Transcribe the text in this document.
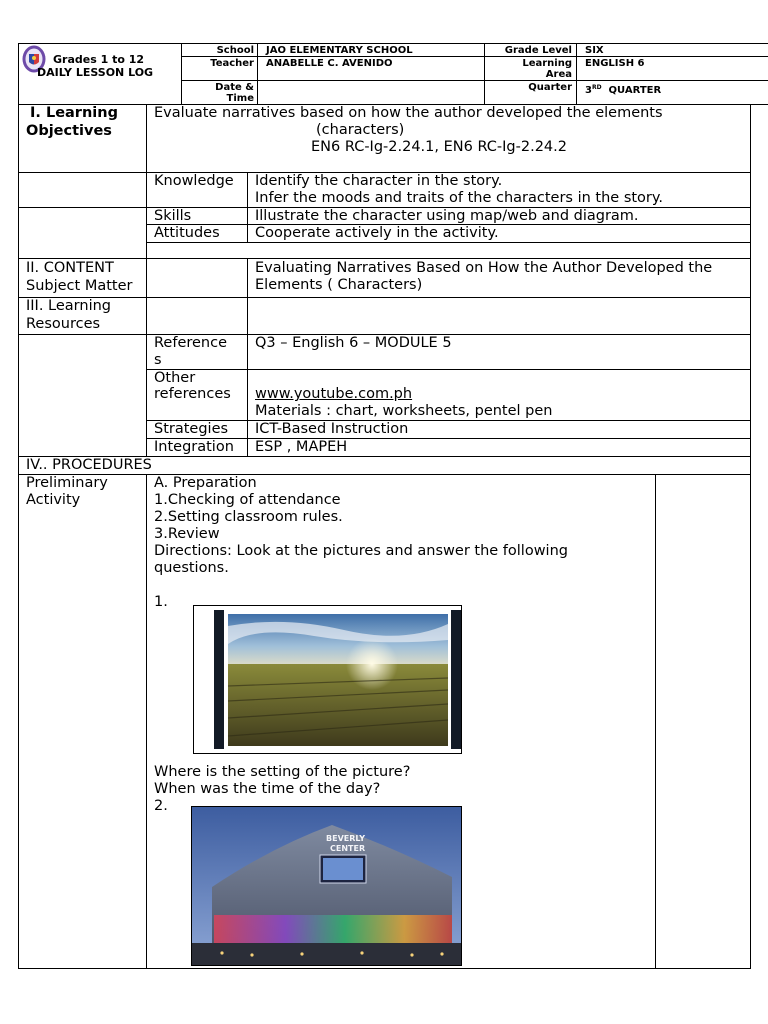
Grades 1 to 12
DAILY LESSON LOG
School JAO ELEMENTARY SCHOOL
Teacher ANABELLE C. AVENIDO
Date &
Time
Grade Level SIX
Learning
Area
ENGLISH 6
Quarter 3RD QUARTER
I. Learning
Objectives
Evaluate narratives based on how the author developed the elements
(characters)
EN6 RC-Ig-2.24.1, EN6 RC-Ig-2.24.2
Knowledge Identify the character in the story.
Infer the moods and traits of the characters in the story.
Skills	Illustrate the character using map/web and diagram.
Attitudes Cooperate actively in the activity.
II. CONTENT
Subject Matter
Evaluating Narratives Based on How the Author Developed the
Elements ( Characters)
III. Learning
Resources
Reference
s
Q3 – English 6 – MODULE 5
Other
references www.youtube.com.ph
Materials : chart, worksheets, pentel pen
Strategies ICT-Based Instruction
Integration ESP , MAPEH
IV.. PROCEDURES
Preliminary
Activity
A. Preparation
1.Checking of attendance
2.Setting classroom rules.
3.Review
Directions: Look at the pictures and answer the following
questions.
1.
Where is the setting of the picture?
When was the time of the day?
2.
BEVERLY
CENTER
